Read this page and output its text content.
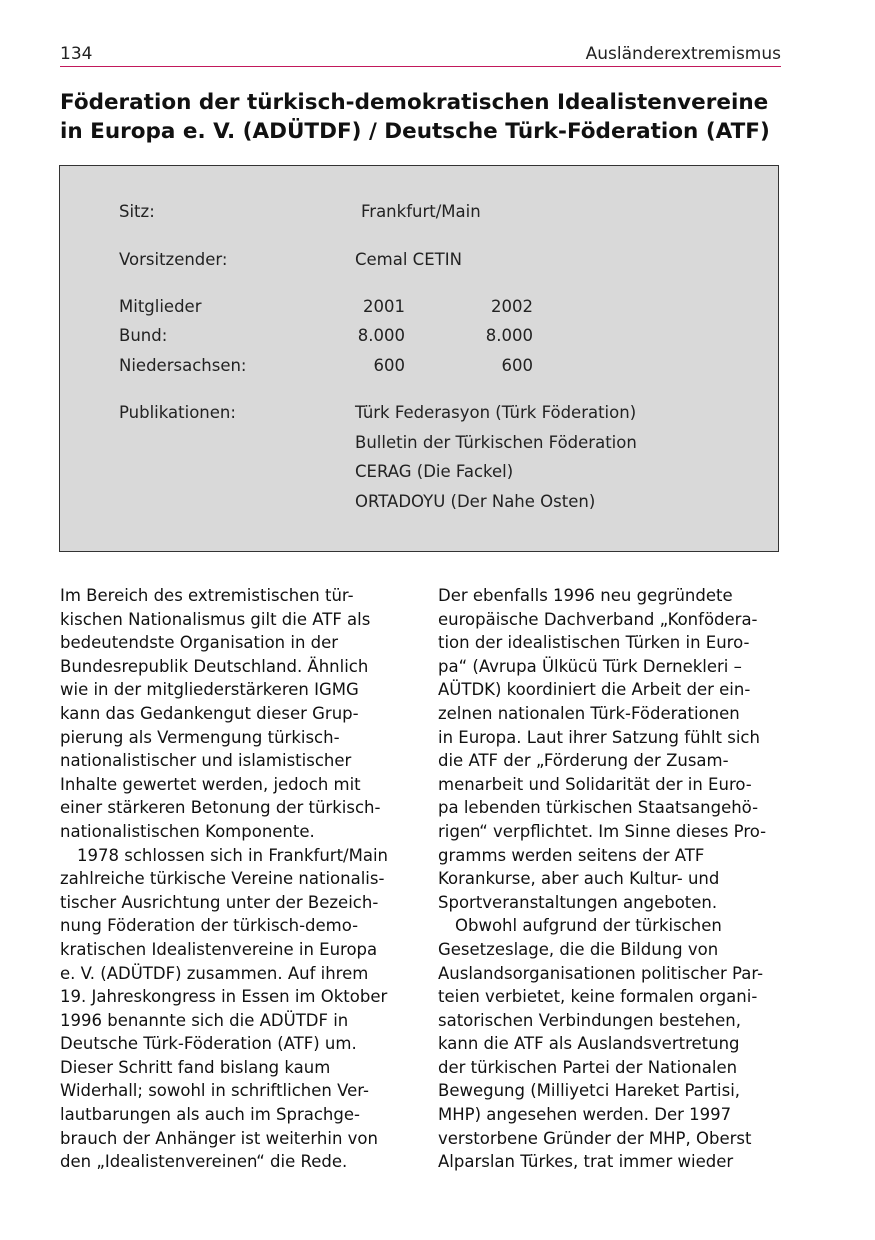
134	Ausländerextremismus
Föderation der türkisch-demokratischen Idealistenvereine
in Europa e. V. (ADÜTDF) / Deutsche Türk-Föderation (ATF)
Sitz:	Frankfurt/Main
Vorsitzender:	Cemal CETIN
Mitglieder	2001	2002
Bund:	8.000	8.000
Niedersachsen:	600	600
Publikationen:	Türk Federasyon (Türk Föderation)
Bulletin der Türkischen Föderation
CERAG (Die Fackel)
ORTADOYU (Der Nahe Osten)
Im Bereich des extremistischen tür-
kischen Nationalismus gilt die ATF als
bedeutendste Organisation in der
Bundesrepublik Deutschland. Ähnlich
wie in der mitgliederstärkeren IGMG
kann das Gedankengut dieser Grup-
pierung als Vermengung türkisch-
nationalistischer und islamistischer
Inhalte gewertet werden, jedoch mit
einer stärkeren Betonung der türkisch-
nationalistischen Komponente.
1978 schlossen sich in Frankfurt/Main
zahlreiche türkische Vereine nationalis-
tischer Ausrichtung unter der Bezeich-
nung Föderation der türkisch-demo-
kratischen Idealistenvereine in Europa
e. V. (ADÜTDF) zusammen. Auf ihrem
19. Jahreskongress in Essen im Oktober
1996 benannte sich die ADÜTDF in
Deutsche Türk-Föderation (ATF) um.
Dieser Schritt fand bislang kaum
Widerhall; sowohl in schriftlichen Ver-
lautbarungen als auch im Sprachge-
brauch der Anhänger ist weiterhin von
den „Idealistenvereinen“ die Rede.
Der ebenfalls 1996 neu gegründete
europäische Dachverband „Konfödera-
tion der idealistischen Türken in Euro-
pa“ (Avrupa Ülkücü Türk Dernekleri –
AÜTDK) koordiniert die Arbeit der ein-
zelnen nationalen Türk-Föderationen
in Europa. Laut ihrer Satzung fühlt sich
die ATF der „Förderung der Zusam-
menarbeit und Solidarität der in Euro-
pa lebenden türkischen Staatsangehö-
rigen“ verpflichtet. Im Sinne dieses Pro-
gramms werden seitens der ATF
Korankurse, aber auch Kultur- und
Sportveranstaltungen angeboten.
Obwohl aufgrund der türkischen
Gesetzeslage, die die Bildung von
Auslandsorganisationen politischer Par-
teien verbietet, keine formalen organi-
satorischen Verbindungen bestehen,
kann die ATF als Auslandsvertretung
der türkischen Partei der Nationalen
Bewegung (Milliyetci Hareket Partisi,
MHP) angesehen werden. Der 1997
verstorbene Gründer der MHP, Oberst
Alparslan Türkes, trat immer wieder
